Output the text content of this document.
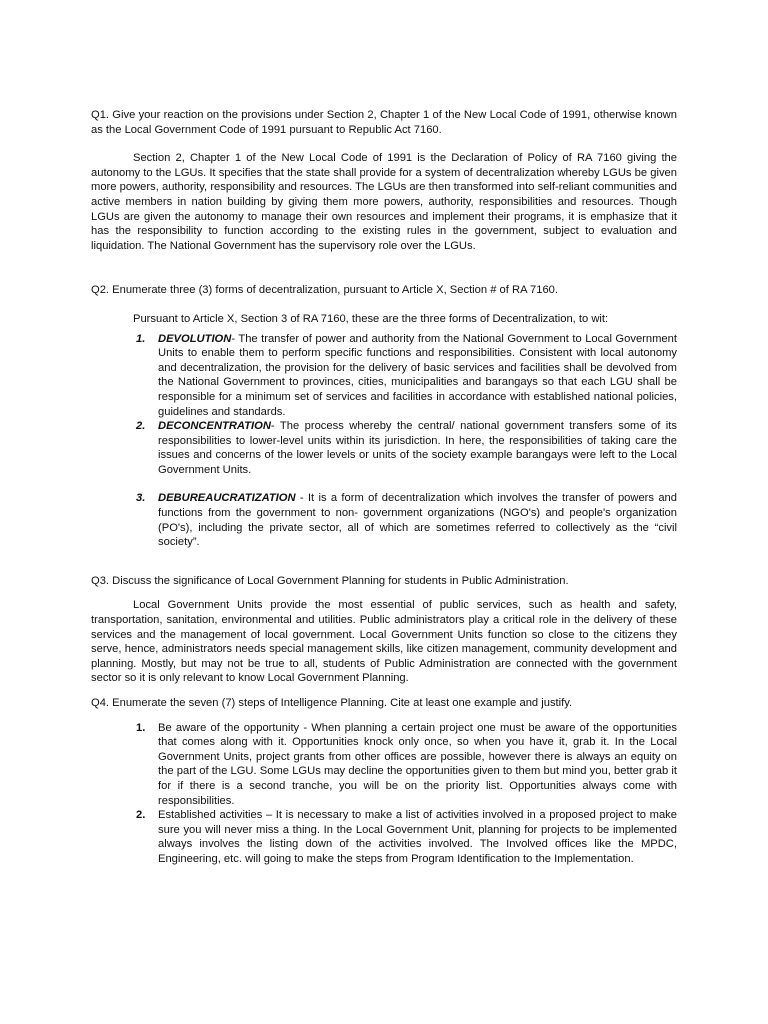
Q1. Give your reaction on the provisions under Section 2, Chapter 1 of the New Local Code of 1991, otherwise known as the Local Government Code of 1991 pursuant to Republic Act 7160.

Section 2, Chapter 1 of the New Local Code of 1991 is the Declaration of Policy of RA 7160 giving the autonomy to the LGUs. It specifies that the state shall provide for a system of decentralization whereby LGUs be given more powers, authority, responsibility and resources. The LGUs are then transformed into self-reliant communities and active members in nation building by giving them more powers, authority, responsibilities and resources. Though LGUs are given the autonomy to manage their own resources and implement their programs, it is emphasize that it has the responsibility to function according to the existing rules in the government, subject to evaluation and liquidation. The National Government has the supervisory role over the LGUs.

Q2. Enumerate three (3) forms of decentralization, pursuant to Article X, Section # of RA 7160.

Pursuant to Article X, Section 3 of RA 7160, these are the three forms of Decentralization, to wit:

1. DEVOLUTION- The transfer of power and authority from the National Government to Local Government Units to enable them to perform specific functions and responsibilities. Consistent with local autonomy and decentralization, the provision for the delivery of basic services and facilities shall be devolved from the National Government to provinces, cities, municipalities and barangays so that each LGU shall be responsible for a minimum set of services and facilities in accordance with established national policies, guidelines and standards.
2. DECONCENTRATION- The process whereby the central/ national government transfers some of its responsibilities to lower-level units within its jurisdiction. In here, the responsibilities of taking care the issues and concerns of the lower levels or units of the society example barangays were left to the Local Government Units.
3. DEBUREAUCRATIZATION - It is a form of decentralization which involves the transfer of powers and functions from the government to non- government organizations (NGO's) and people's organization (PO's), including the private sector, all of which are sometimes referred to collectively as the “civil society”.

Q3. Discuss the significance of Local Government Planning for students in Public Administration.

Local Government Units provide the most essential of public services, such as health and safety, transportation, sanitation, environmental and utilities. Public administrators play a critical role in the delivery of these services and the management of local government. Local Government Units function so close to the citizens they serve, hence, administrators needs special management skills, like citizen management, community development and planning. Mostly, but may not be true to all, students of Public Administration are connected with the government sector so it is only relevant to know Local Government Planning.

Q4. Enumerate the seven (7) steps of Intelligence Planning. Cite at least one example and justify.

1. Be aware of the opportunity - When planning a certain project one must be aware of the opportunities that comes along with it. Opportunities knock only once, so when you have it, grab it. In the Local Government Units, project grants from other offices are possible, however there is always an equity on the part of the LGU. Some LGUs may decline the opportunities given to them but mind you, better grab it for if there is a second tranche, you will be on the priority list. Opportunities always come with responsibilities.
2. Established activities – It is necessary to make a list of activities involved in a proposed project to make sure you will never miss a thing. In the Local Government Unit, planning for projects to be implemented always involves the listing down of the activities involved. The Involved offices like the MPDC, Engineering, etc. will going to make the steps from Program Identification to the Implementation.
